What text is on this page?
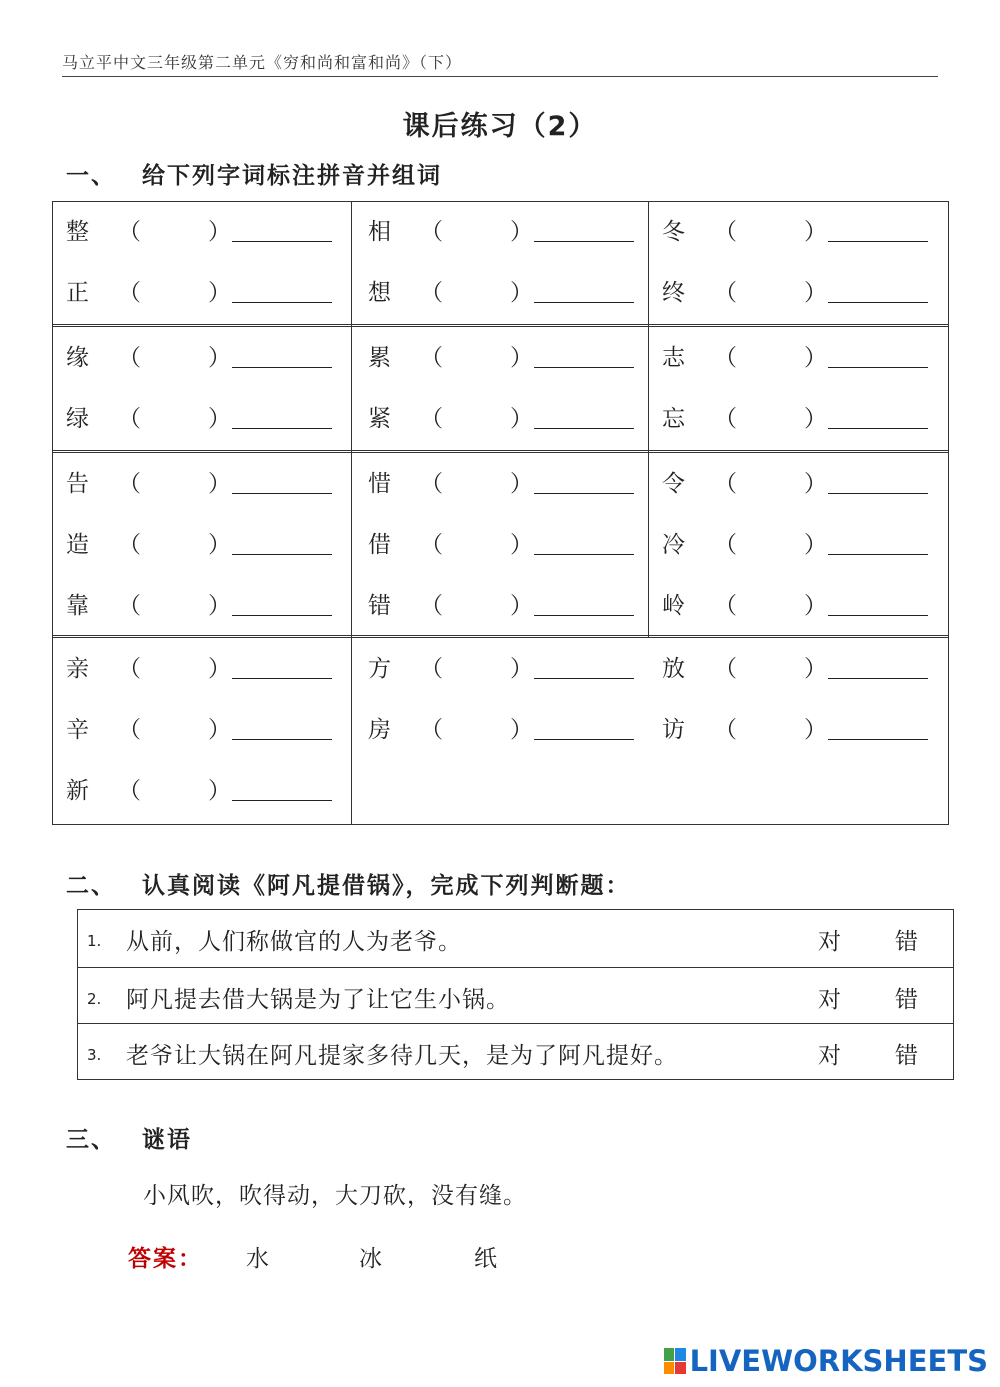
马立平中文三年级第二单元《穷和尚和富和尚》（下）
课后练习（2）
一、 给下列字词标注拼音并组词
整 （	）
正 （	）
相 （	）
想 （	）
冬 （	）
终 （	）
缘 （	）
绿 （	）
累 （	）
紧 （	）
志 （	）
忘 （	）
告 （	）
造 （	）
靠 （	）
惜 （	）
借 （	）
错 （	）
令 （	）
冷 （	）
岭 （	）
亲 （	）
辛 （	）
新 （	）
方 （	）
房 （	）
放 （	）
访 （	）
二、 认真阅读《阿凡提借锅》，完成下列判断题：
1. 从前，人们称做官的人为老爷。	对 错
2. 阿凡提去借大锅是为了让它生小锅。	对 错
3. 老爷让大锅在阿凡提家多待几天，是为了阿凡提好。	对 错
三、 谜语
小风吹，吹得动，大刀砍，没有缝。
答案： 水	冰	纸
LIVEWORKSHEETS
